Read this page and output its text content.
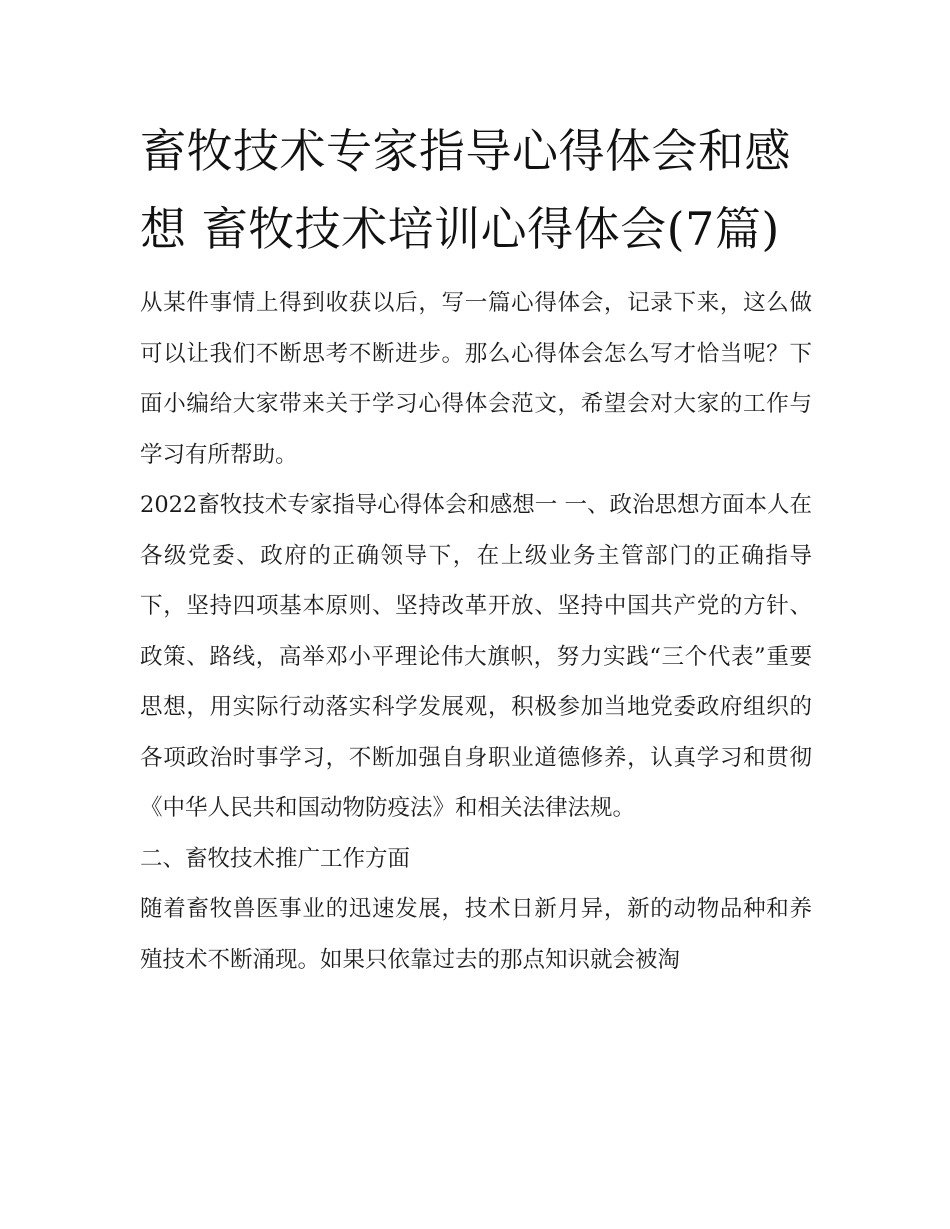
畜牧技术专家指导心得体会和感想 畜牧技术培训心得体会(7篇)

从某件事情上得到收获以后，写一篇心得体会，记录下来，这么做可以让我们不断思考不断进步。那么心得体会怎么写才恰当呢？下面小编给大家带来关于学习心得体会范文，希望会对大家的工作与学习有所帮助。

2022畜牧技术专家指导心得体会和感想一 一、政治思想方面本人在各级党委、政府的正确领导下，在上级业务主管部门的正确指导下，坚持四项基本原则、坚持改革开放、坚持中国共产党的方针、政策、路线，高举邓小平理论伟大旗帜，努力实践“三个代表”重要思想，用实际行动落实科学发展观，积极参加当地党委政府组织的各项政治时事学习，不断加强自身职业道德修养，认真学习和贯彻《中华人民共和国动物防疫法》和相关法律法规。

二、畜牧技术推广工作方面

随着畜牧兽医事业的迅速发展，技术日新月异，新的动物品种和养殖技术不断涌现。如果只依靠过去的那点知识就会被淘
